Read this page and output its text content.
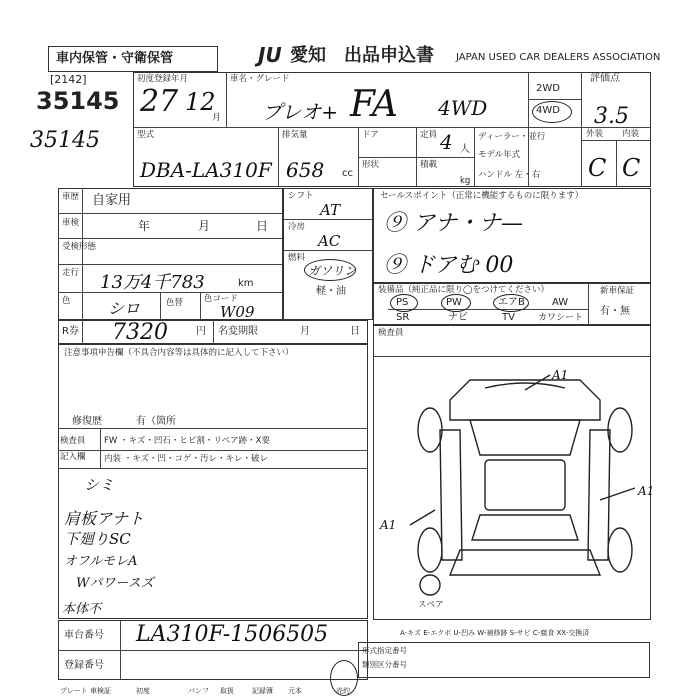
車内保管・守衛保管
[2142]
35145
35145
JU 愛知 出品申込書 JAPAN USED CAR DEALERS ASSOCIATION
初度登録年月
27 12
月
車名・グレード
プレオ+ FA 4WD
2WD
4WD
評価点
3.5
型式
DBA-LA310F
排気量
658 cc
ドア	定員 4 人
形状	積載
kg
ディーラー・並行
モデル年式
ハンドル 左・右
外装 内装
C C
車歴 自家用
車検	年	月	日
受検形態
走行 13万4千783	km
色 シロ	色替 色コード
W09
R券 7320	円 名変期限	月	日
シフト
AT
冷房
AC
燃料
ガソリン
軽・油
セールスポイント（正常に機能するものに限ります）
⑨ アナ・ナ—
⑨ ドアむ 00
装備品（純正品に限り◯をつけてください）
PS	PW	エアB	AW
SR	ナビ	TV	カワシート
新車保証
有・無
注意事項申告欄（不具合内容等は具体的に記入して下さい）
修復歴	有（箇所
検査員
記入欄
FW ・キズ・凹石・ヒビ割・リペア跡・X要
内装 ・キズ・凹・コゲ・汚レ・キレ・破レ
シミ
肩板アナト
下廻りSC
オフルモレA
Wパワースズ
本体不
検査員
A1
A1
A1
スペア
車台番号 LA310F-1506505
登録番号
A-キズ E-エクボ U-凹み W-補修跡 S-サビ C-腐食 XX-交換済
形式指定番号
類別区分番号
プレート 車検証	初度	パンフ 取扱	記録簿 元本	売約
